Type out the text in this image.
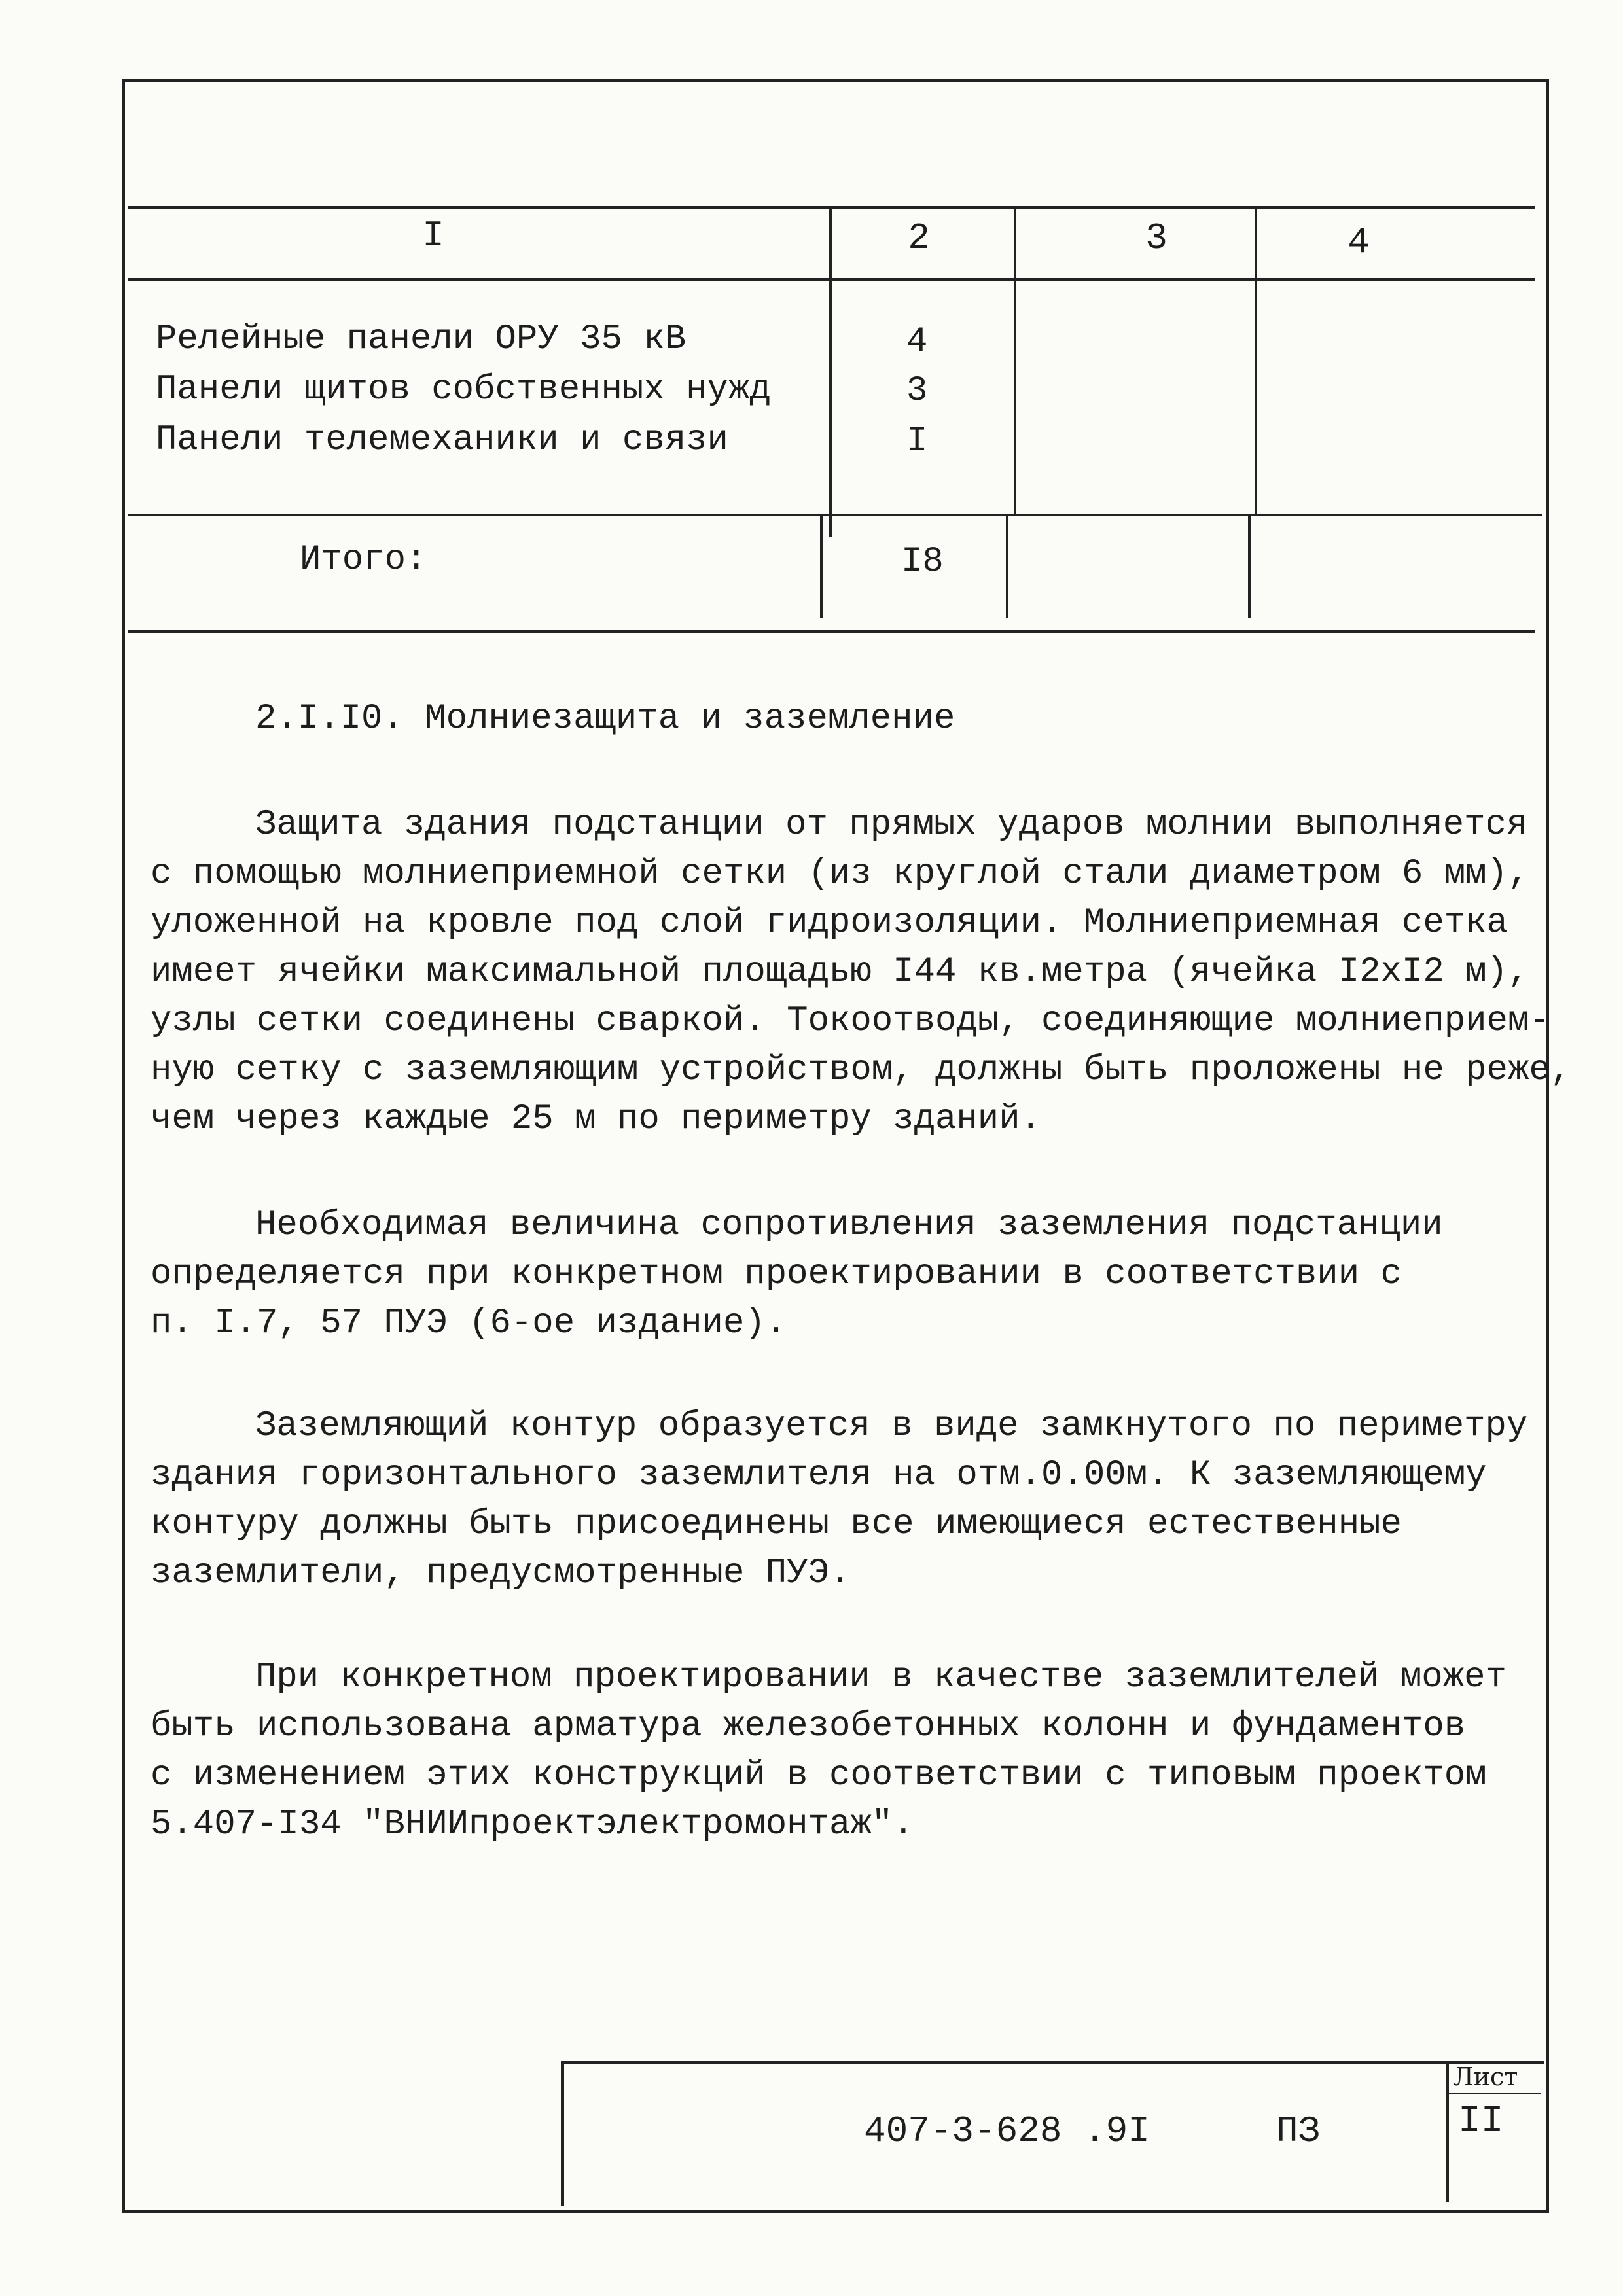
I	2	3	4
Релейные панели ОРУ 35 кВ	4
Панели щитов собственных нужд	3
Панели телемеханики и связи	I
Итого:	I8
2.I.I0. Молниезащита и заземление
Защита здания подстанции от прямых ударов молнии выполняется
с помощью молниеприемной сетки (из круглой стали диаметром 6 мм),
уложенной на кровле под слой гидроизоляции. Молниеприемная сетка
имеет ячейки максимальной площадью I44 кв.метра (ячейка I2хI2 м),
узлы сетки соединены сваркой. Токоотводы, соединяющие молниеприем-
ную сетку с заземляющим устройством, должны быть проложены не реже,
чем через каждые 25 м по периметру зданий.
Необходимая величина сопротивления заземления подстанции
определяется при конкретном проектировании в соответствии с
п. I.7, 57 ПУЭ (6-ое издание).
Заземляющий контур образуется в виде замкнутого по периметру
здания горизонтального заземлителя на отм.0.00м. К заземляющему
контуру должны быть присоединены все имеющиеся естественные
заземлители, предусмотренные ПУЭ.
При конкретном проектировании в качестве заземлителей может
быть использована арматура железобетонных колонн и фундаментов
с изменением этих конструкций в соответствии с типовым проектом
5.407-I34 "ВНИИпроектэлектромонтаж".
407-3-628 .9I	ПЗ
Лист
II
